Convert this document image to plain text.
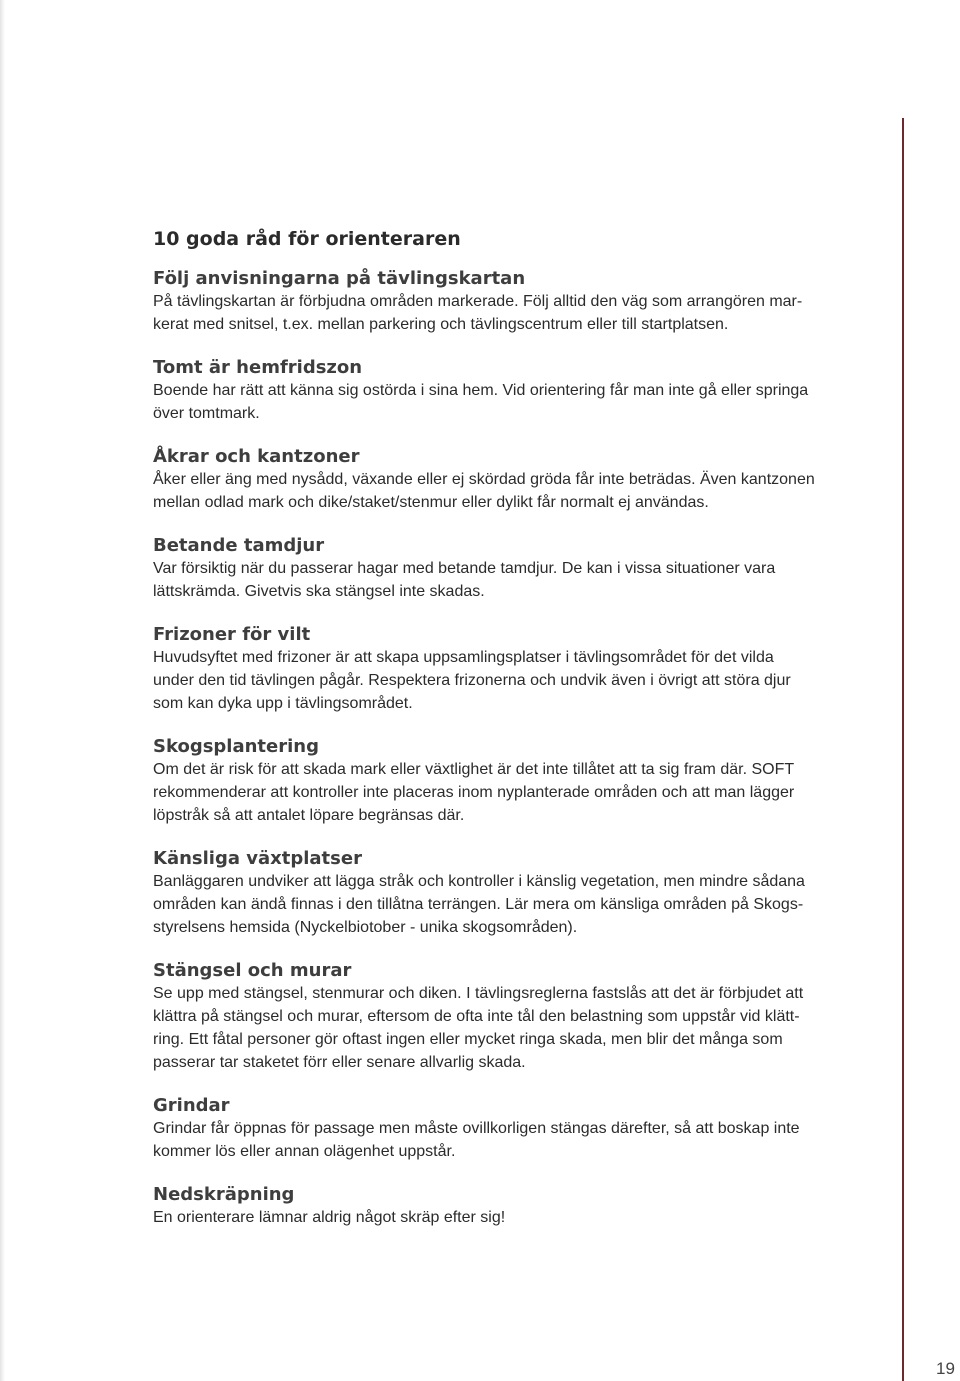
10 goda råd för orienteraren
Följ anvisningarna på tävlingskartan

På tävlingskartan är förbjudna områden markerade. Följ alltid den väg som arrangören mar-
kerat med snitsel, t.ex. mellan parkering och tävlingscentrum eller till startplatsen.

Tomt är hemfridszon

Boende har rätt att känna sig ostörda i sina hem. Vid orientering får man inte gå eller springa
över tomtmark.

Åkrar och kantzoner

Åker eller äng med nysådd, växande eller ej skördad gröda får inte beträdas. Även kantzonen
mellan odlad mark och dike/staket/stenmur eller dylikt får normalt ej användas.

Betande tamdjur

Var försiktig när du passerar hagar med betande tamdjur. De kan i vissa situationer vara
lättskrämda. Givetvis ska stängsel inte skadas.

Frizoner för vilt

Huvudsyftet med frizoner är att skapa uppsamlingsplatser i tävlingsområdet för det vilda
under den tid tävlingen pågår. Respektera frizonerna och undvik även i övrigt att störa djur
som kan dyka upp i tävlingsområdet.

Skogsplantering

Om det är risk för att skada mark eller växtlighet är det inte tillåtet att ta sig fram där. SOFT
rekommenderar att kontroller inte placeras inom nyplanterade områden och att man lägger
löpstråk så att antalet löpare begränsas där.

Känsliga växtplatser

Banläggaren undviker att lägga stråk och kontroller i känslig vegetation, men mindre sådana
områden kan ändå finnas i den tillåtna terrängen. Lär mera om känsliga områden på Skogs-
styrelsens hemsida (Nyckelbiotober - unika skogsområden).

Stängsel och murar

Se upp med stängsel, stenmurar och diken. I tävlingsreglerna fastslås att det är förbjudet att
klättra på stängsel och murar, eftersom de ofta inte tål den belastning som uppstår vid klätt-
ring. Ett fåtal personer gör oftast ingen eller mycket ringa skada, men blir det många som
passerar tar staketet förr eller senare allvarlig skada.

Grindar

Grindar får öppnas för passage men måste ovillkorligen stängas därefter, så att boskap inte
kommer lös eller annan olägenhet uppstår.

Nedskräpning

En orienterare lämnar aldrig något skräp efter sig!

19
